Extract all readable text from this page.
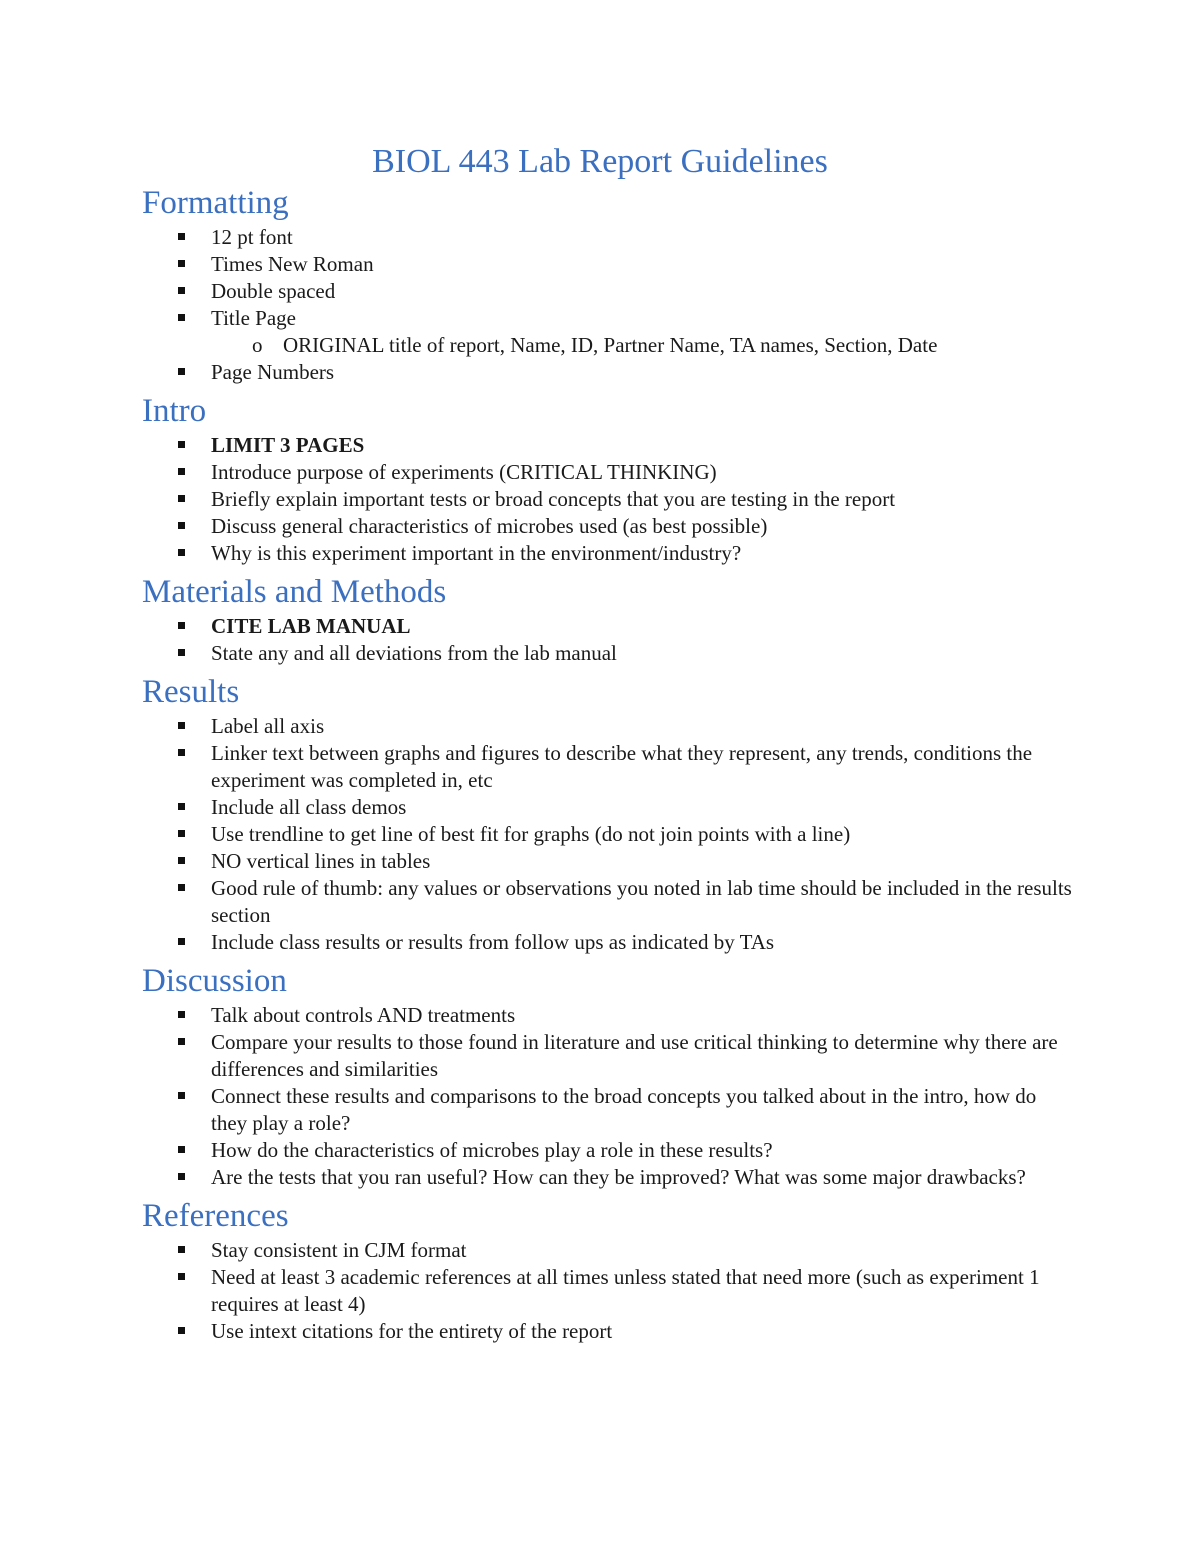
BIOL 443 Lab Report Guidelines
Formatting
12 pt font
Times New Roman
Double spaced
Title Page
o ORIGINAL title of report, Name, ID, Partner Name, TA names, Section, Date
Page Numbers
Intro
LIMIT 3 PAGES
Introduce purpose of experiments (CRITICAL THINKING)
Briefly explain important tests or broad concepts that you are testing in the report
Discuss general characteristics of microbes used (as best possible)
Why is this experiment important in the environment/industry?
Materials and Methods
CITE LAB MANUAL
State any and all deviations from the lab manual
Results
Label all axis
Linker text between graphs and figures to describe what they represent, any trends, conditions the experiment was completed in, etc
Include all class demos
Use trendline to get line of best fit for graphs (do not join points with a line)
NO vertical lines in tables
Good rule of thumb: any values or observations you noted in lab time should be included in the results section
Include class results or results from follow ups as indicated by TAs
Discussion
Talk about controls AND treatments
Compare your results to those found in literature and use critical thinking to determine why there are differences and similarities
Connect these results and comparisons to the broad concepts you talked about in the intro, how do they play a role?
How do the characteristics of microbes play a role in these results?
Are the tests that you ran useful? How can they be improved? What was some major drawbacks?
References
Stay consistent in CJM format
Need at least 3 academic references at all times unless stated that need more (such as experiment 1 requires at least 4)
Use intext citations for the entirety of the report
